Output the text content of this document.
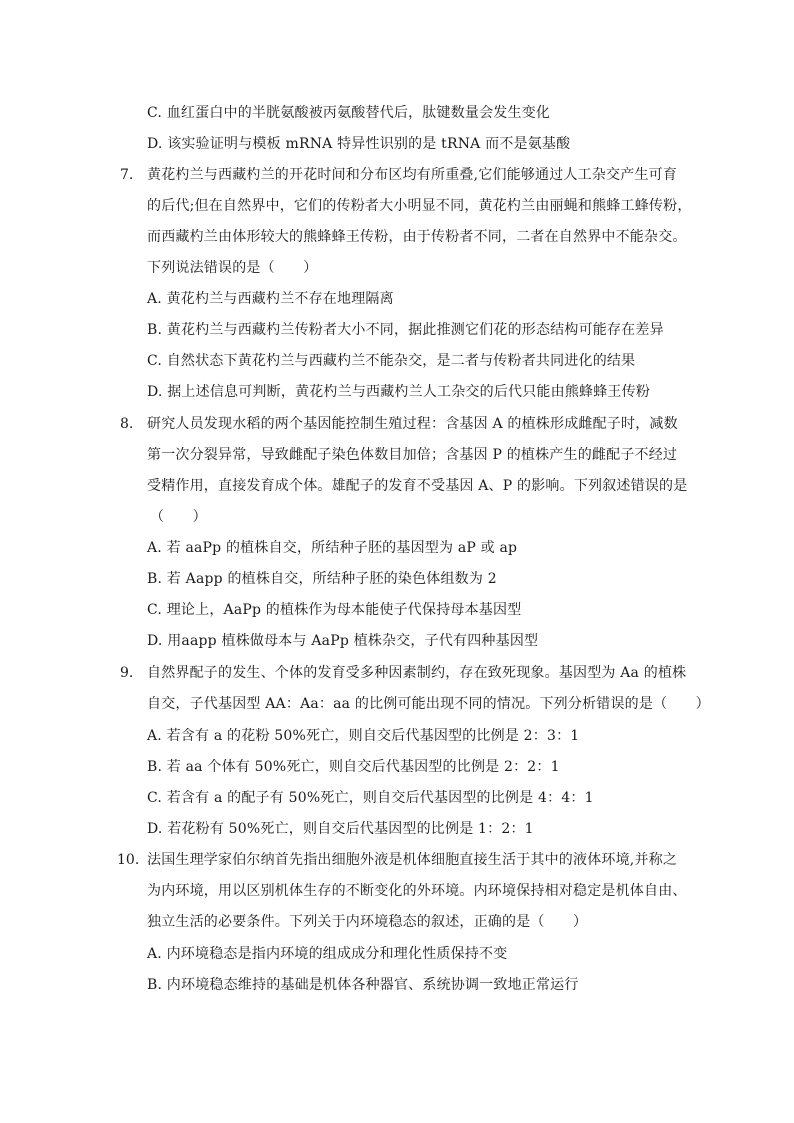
C. 血红蛋白中的半胱氨酸被丙氨酸替代后，肽键数量会发生变化
D. 该实验证明与模板 mRNA 特异性识别的是 tRNA 而不是氨基酸
7. 黄花杓兰与西藏杓兰的开花时间和分布区均有所重叠,它们能够通过人工杂交产生可育
的后代;但在自然界中，它们的传粉者大小明显不同，黄花杓兰由丽蝇和熊蜂工蜂传粉，
而西藏杓兰由体形较大的熊蜂蜂王传粉，由于传粉者不同，二者在自然界中不能杂交。
下列说法错误的是（　　）
A. 黄花杓兰与西藏杓兰不存在地理隔离
B. 黄花杓兰与西藏杓兰传粉者大小不同，据此推测它们花的形态结构可能存在差异
C. 自然状态下黄花杓兰与西藏杓兰不能杂交，是二者与传粉者共同进化的结果
D. 据上述信息可判断，黄花杓兰与西藏杓兰人工杂交的后代只能由熊蜂蜂王传粉
8. 研究人员发现水稻的两个基因能控制生殖过程：含基因 A 的植株形成雌配子时，减数
第一次分裂异常，导致雌配子染色体数目加倍；含基因 P 的植株产生的雌配子不经过
受精作用，直接发育成个体。雄配子的发育不受基因 A、P 的影响。下列叙述错误的是
（　　）
A. 若 aaPp 的植株自交，所结种子胚的基因型为 aP 或 ap
B. 若 Aapp 的植株自交，所结种子胚的染色体组数为 2
C. 理论上，AaPp 的植株作为母本能使子代保持母本基因型
D. 用aapp 植株做母本与 AaPp 植株杂交，子代有四种基因型
9. 自然界配子的发生、个体的发育受多种因素制约，存在致死现象。基因型为 Aa 的植株
自交，子代基因型 AA：Aa：aa 的比例可能出现不同的情况。下列分析错误的是（　　）
A. 若含有 a 的花粉 50%死亡，则自交后代基因型的比例是 2：3：1
B. 若 aa 个体有 50%死亡，则自交后代基因型的比例是 2：2：1
C. 若含有 a 的配子有 50%死亡，则自交后代基因型的比例是 4：4：1
D. 若花粉有 50%死亡，则自交后代基因型的比例是 1：2：1
10. 法国生理学家伯尔纳首先指出细胞外液是机体细胞直接生活于其中的液体环境,并称之
为内环境，用以区别机体生存的不断变化的外环境。内环境保持相对稳定是机体自由、
独立生活的必要条件。下列关于内环境稳态的叙述，正确的是（　　）
A. 内环境稳态是指内环境的组成成分和理化性质保持不变
B. 内环境稳态维持的基础是机体各种器官、系统协调一致地正常运行
